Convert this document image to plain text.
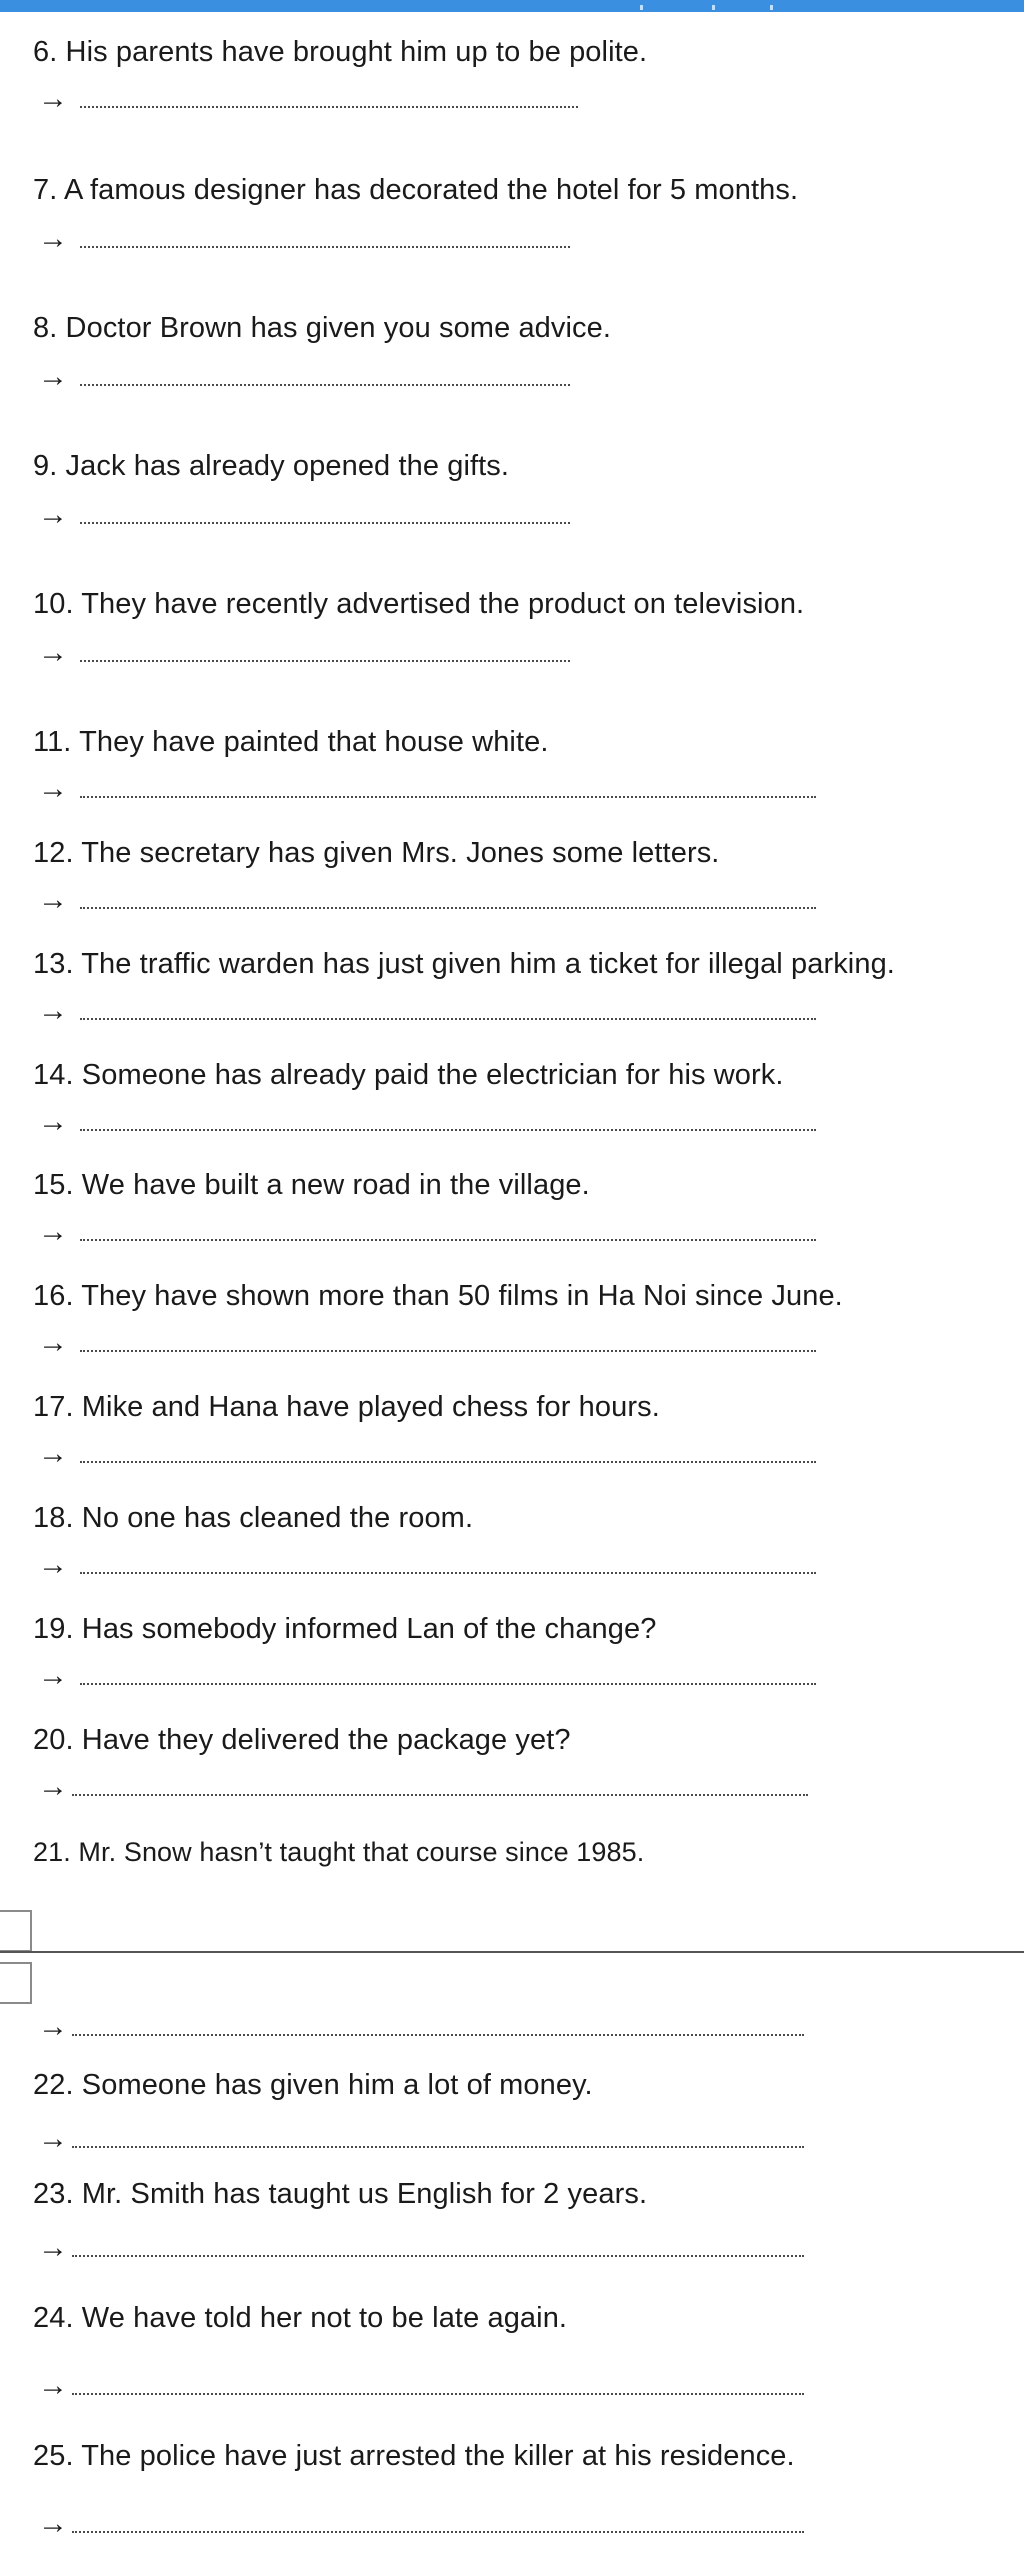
6. His parents have brought him up to be polite.
→
7. A famous designer has decorated the hotel for 5 months.
→
8. Doctor Brown has given you some advice.
→
9. Jack has already opened the gifts.
→
10. They have recently advertised the product on television.
→
11. They have painted that house white.
→
12. The secretary has given Mrs. Jones some letters.
→
13. The traffic warden has just given him a ticket for illegal parking.
→
14. Someone has already paid the electrician for his work.
→
15. We have built a new road in the village.
→
16. They have shown more than 50 films in Ha Noi since June.
→
17. Mike and Hana have played chess for hours.
→
18. No one has cleaned the room.
→
19. Has somebody informed Lan of the change?
→
20. Have they delivered the package yet?
→
21. Mr. Snow hasn’t taught that course since 1985.
→
22. Someone has given him a lot of money.
→
23. Mr. Smith has taught us English for 2 years.
→
24. We have told her not to be late again.
→
25. The police have just arrested the killer at his residence.
→
